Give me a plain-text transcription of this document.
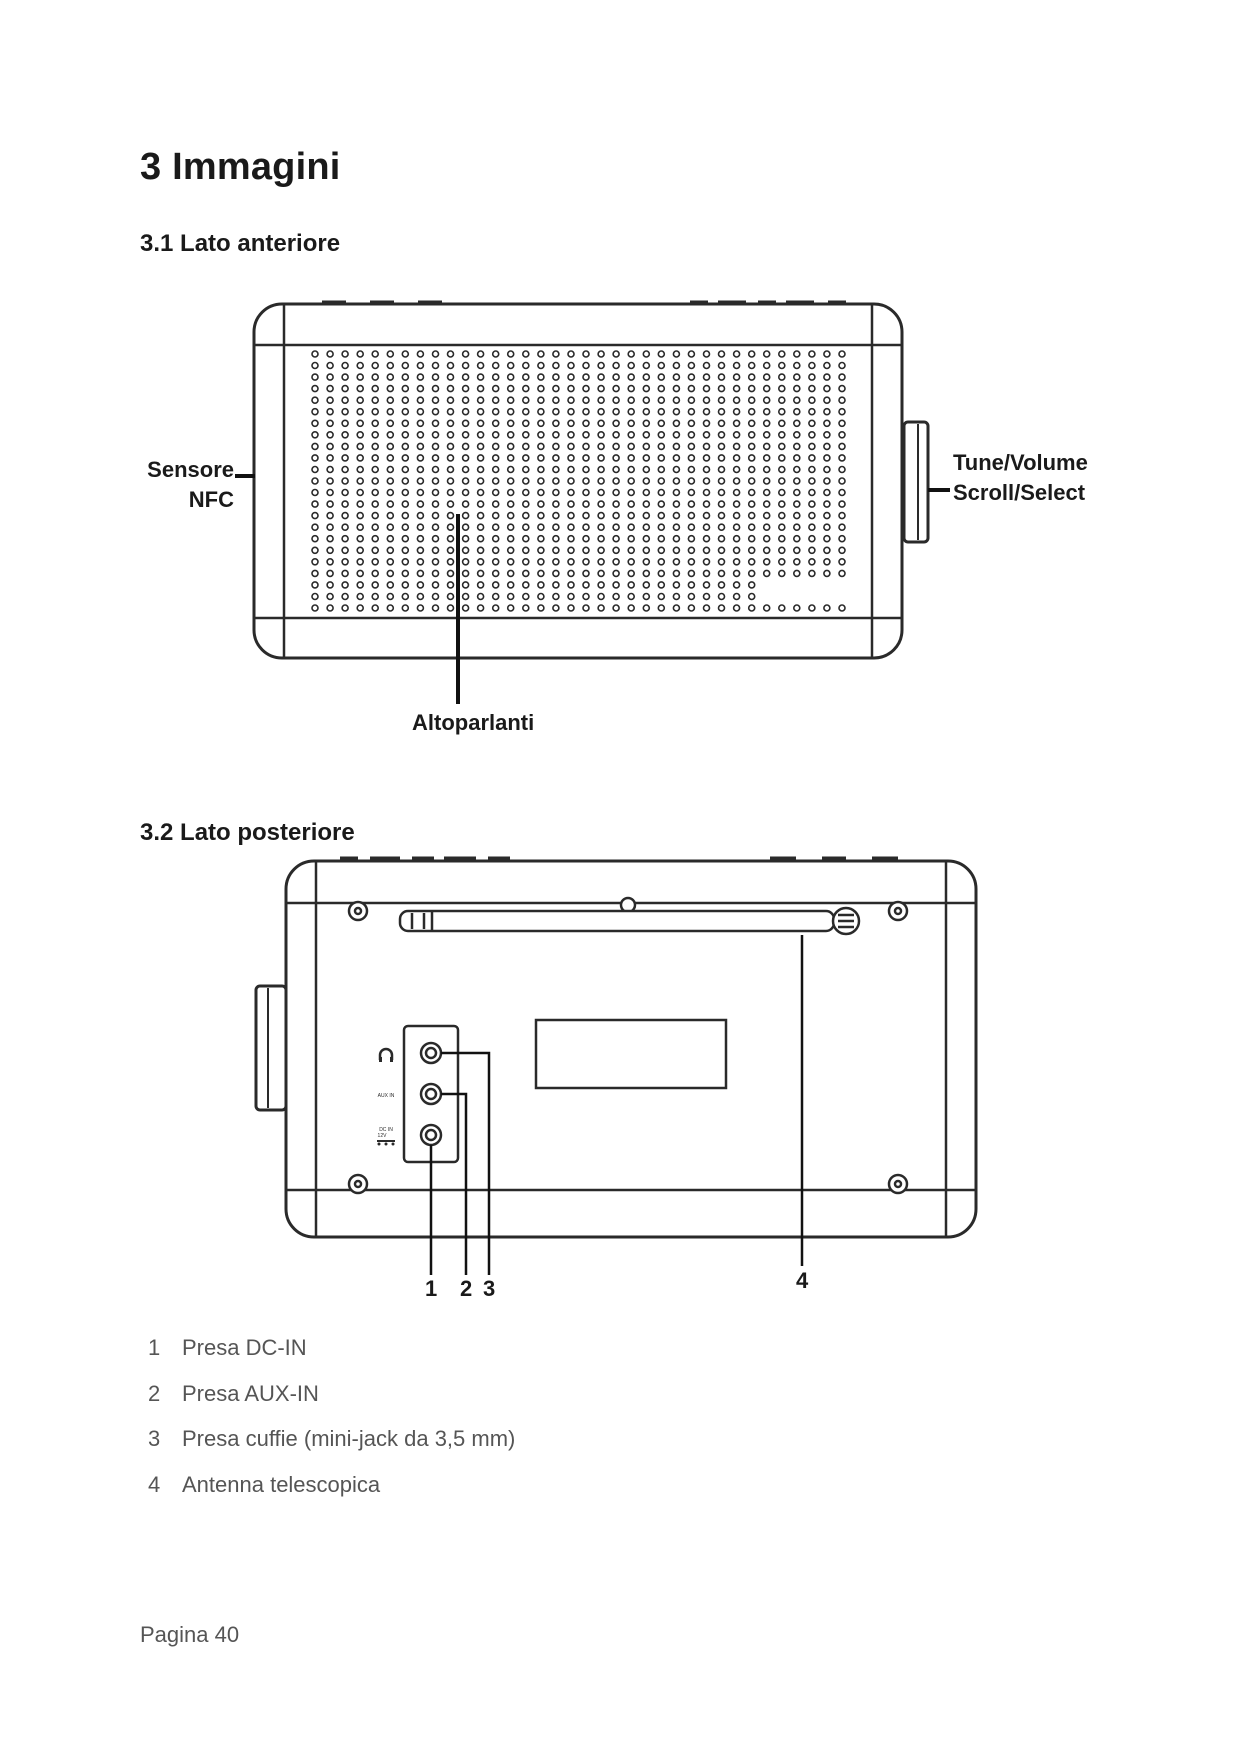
3 Immagini
3.1 Lato anteriore
Sensore
NFC
Tune/Volume
Scroll/Select
Altoparlanti
3.2 Lato posteriore
AUX IN
DC IN
12V
1 2 3	4
1 Presa DC-IN
2 Presa AUX-IN
3 Presa cuffie (mini-jack da 3,5 mm)
4 Antenna telescopica
Pagina 40
